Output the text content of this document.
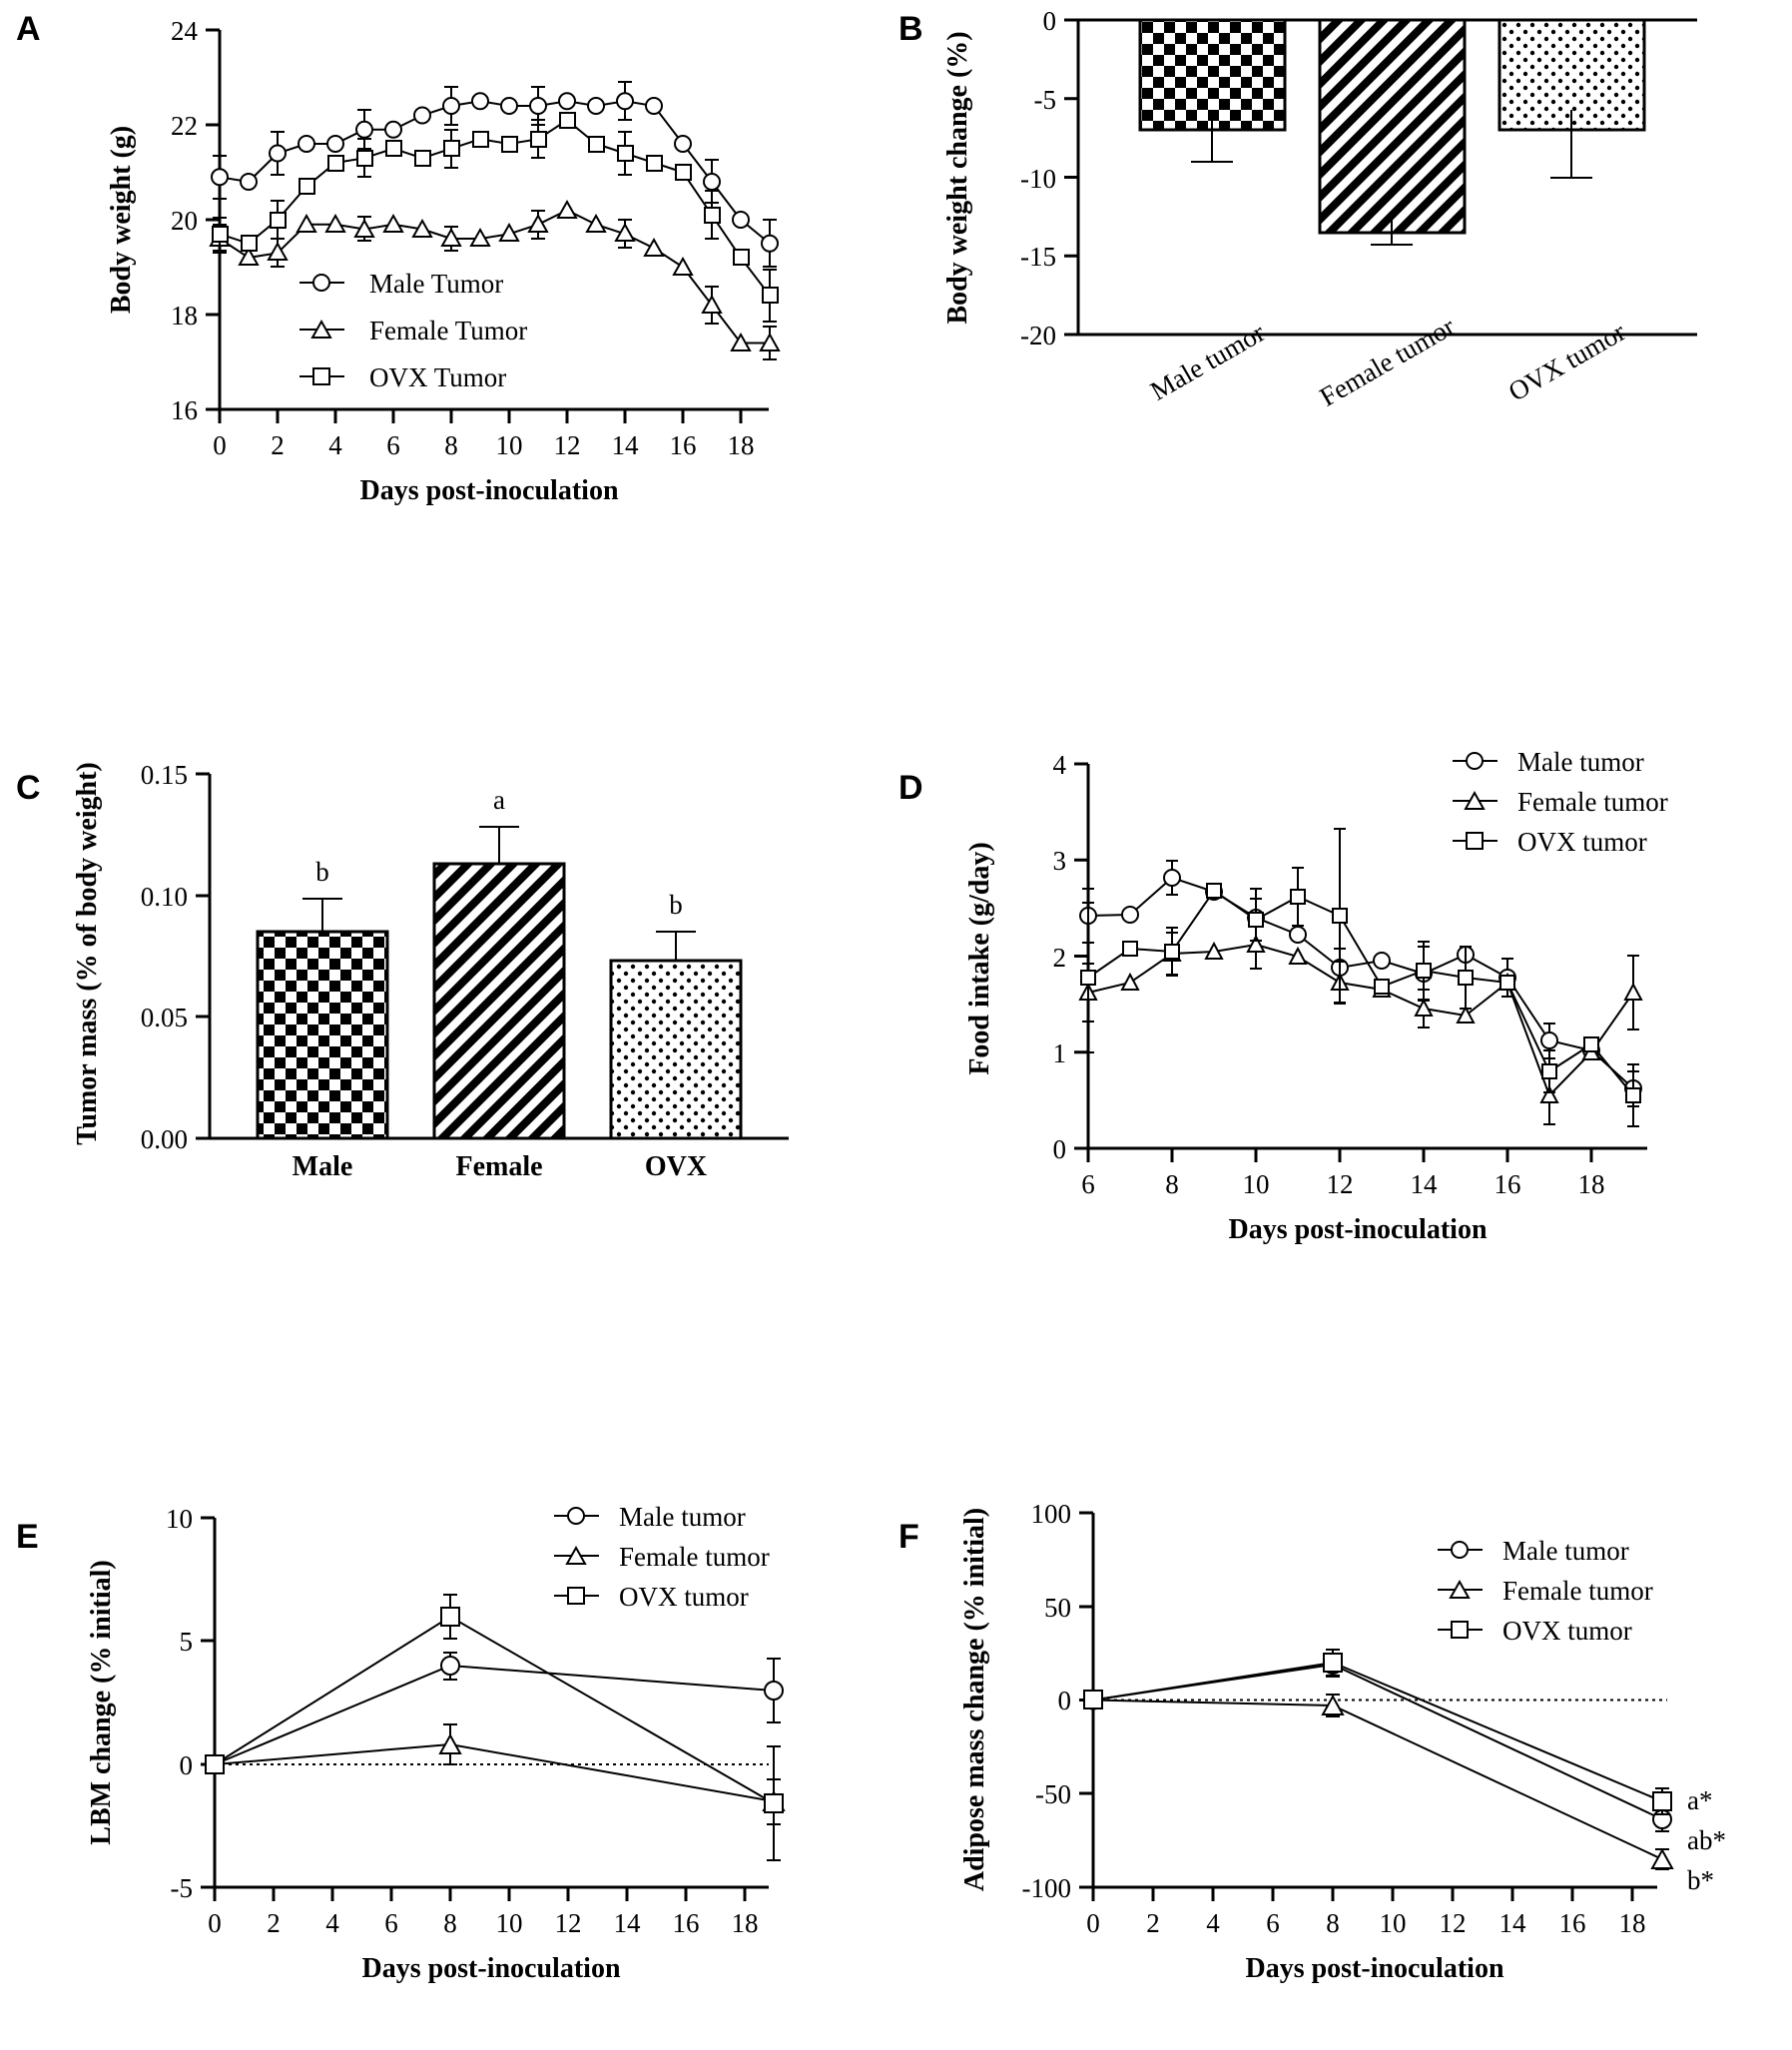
A
16
18
20
22
24
0 2 4 6 8 10 12 14 16 18
Days post-inoculation
Body weight (g)	Male Tumor
Female Tumor
OVX Tumor
B	0
-5
-10
-15
-20
Body weight change (%)
Male tumor Female tumor OVX tumor
C
0.00
0.05
0.10
0.15
Tumor mass (% of body weight)	b
a
b
Male	Female	OVX
D
0
1
2
3
4
6	8 10 12 14 16 18
Days post-inoculation
Food intake (g/day)
Male tumor
Female tumor
OVX tumor
E
-5
0
5
10
0 2 4 6 8 10 12 14 16 18
Days post-inoculation
LBM change (% initial)
Male tumor
Female tumor
OVX tumor
F
-100
-50
0
50
100
0 2 4 6 8 10 12 14 16 18
Days post-inoculation
Adipose mass change (% initial)	a*
ab*
b*
Male tumor
Female tumor
OVX tumor
